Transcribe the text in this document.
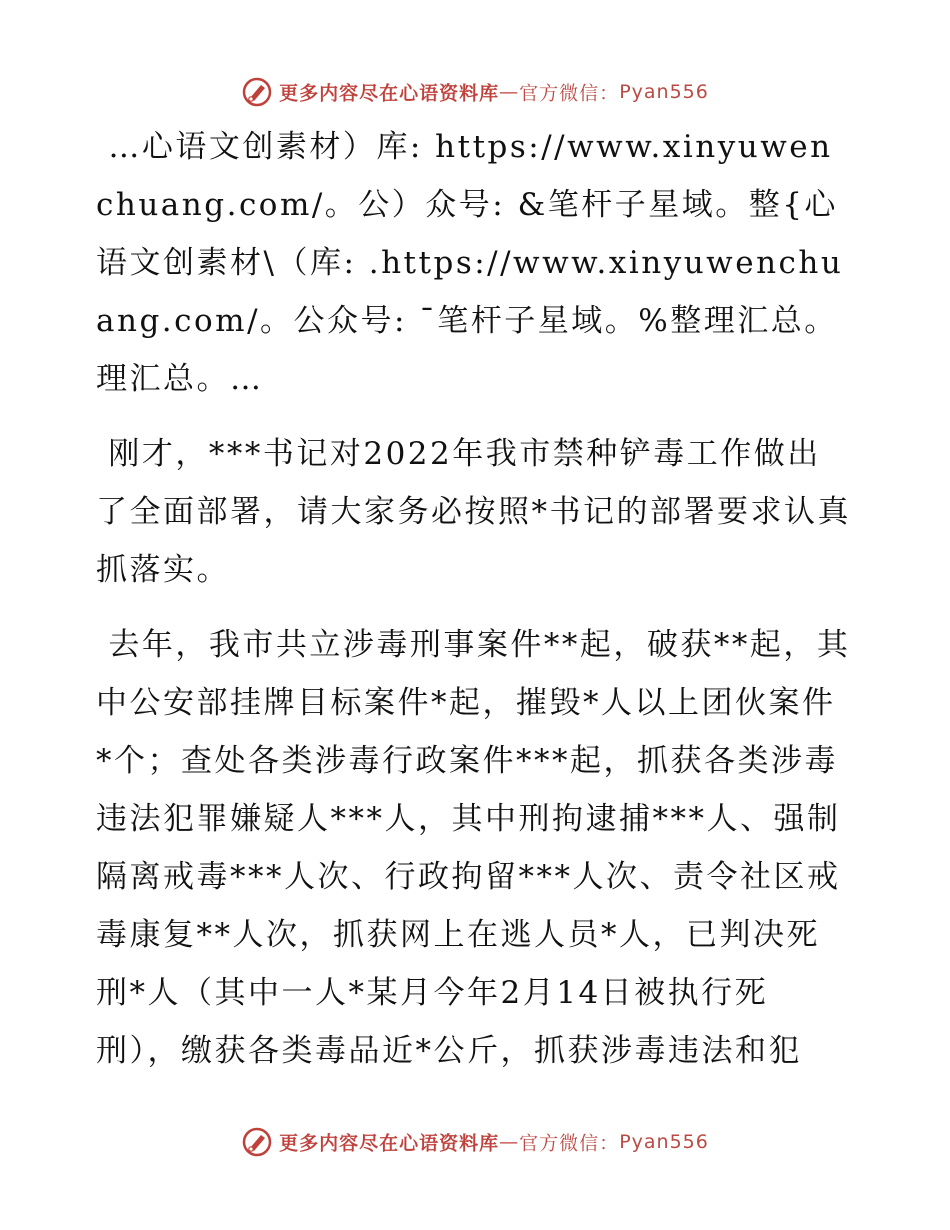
更多内容尽在心语资料库—官方微信：Pyan556

…心语文创素材）库: https://www.xinyuwenchuang.com/。公）众号: &笔杆子星域。整{心语文创素材\（库: .https://www.xinyuwenchuang.com/。公众号: ¯笔杆子星域。%整理汇总。理汇总。…

刚才，***书记对2022年我市禁种铲毒工作做出了全面部署，请大家务必按照*书记的部署要求认真抓落实。

去年，我市共立涉毒刑事案件**起，破获**起，其中公安部挂牌目标案件*起，摧毁*人以上团伙案件*个；查处各类涉毒行政案件***起，抓获各类涉毒违法犯罪嫌疑人***人，其中刑拘逮捕***人、强制隔离戒毒***人次、行政拘留***人次、责令社区戒毒康复**人次，抓获网上在逃人员*人，已判决死刑*人（其中一人*某月今年2月14日被执行死刑），缴获各类毒品近*公斤，抓获涉毒违法和犯

更多内容尽在心语资料库—官方微信：Pyan556
